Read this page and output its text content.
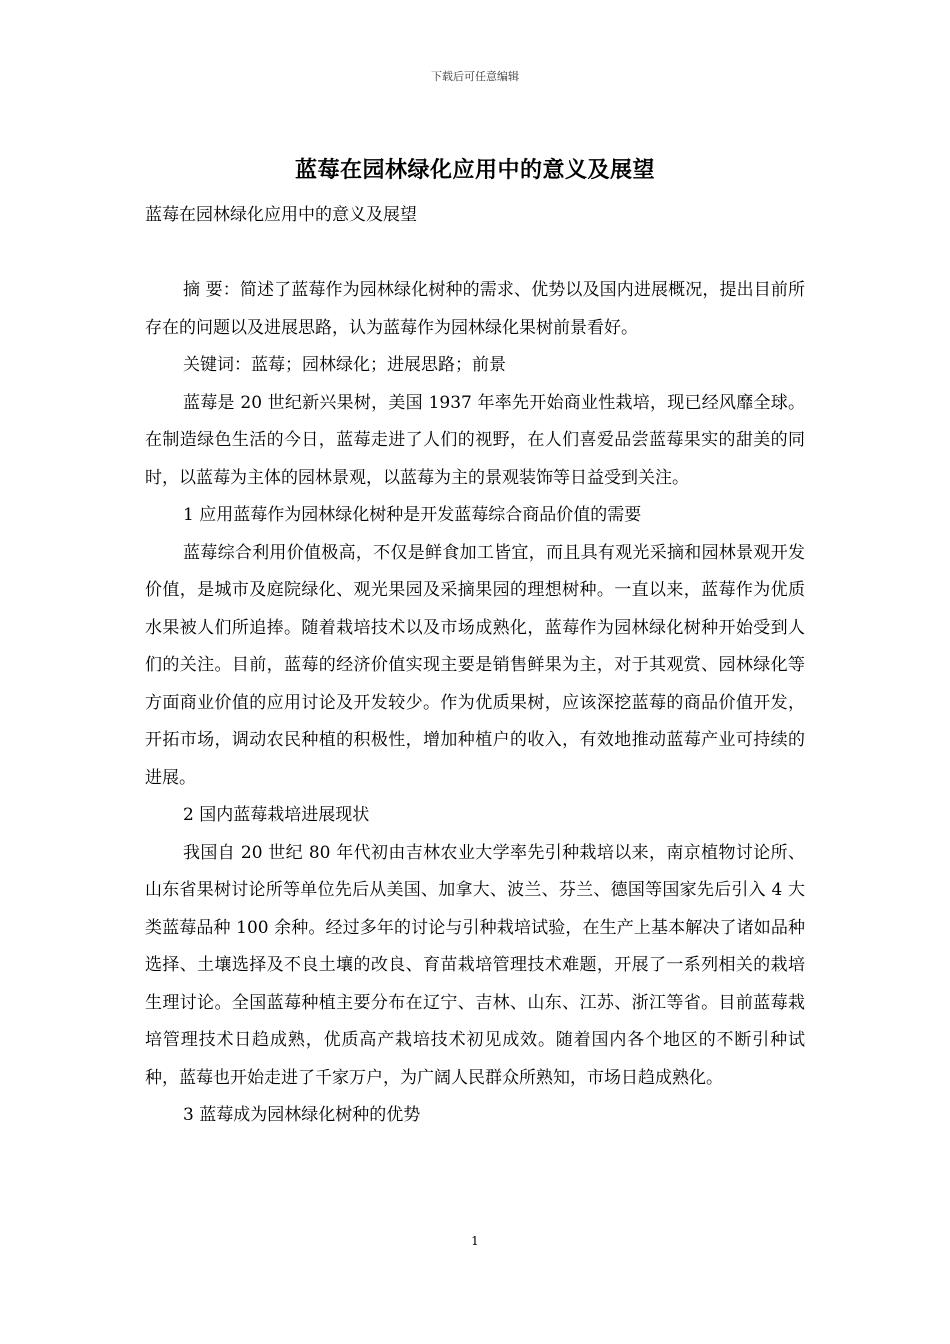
下载后可任意编辑
蓝莓在园林绿化应用中的意义及展望
蓝莓在园林绿化应用中的意义及展望

摘 要：简述了蓝莓作为园林绿化树种的需求、优势以及国内进展概况，提出目前所存在的问题以及进展思路，认为蓝莓作为园林绿化果树前景看好。

关键词：蓝莓；园林绿化；进展思路；前景

蓝莓是 20 世纪新兴果树，美国 1937 年率先开始商业性栽培，现已经风靡全球。在制造绿色生活的今日，蓝莓走进了人们的视野，在人们喜爱品尝蓝莓果实的甜美的同时，以蓝莓为主体的园林景观，以蓝莓为主的景观装饰等日益受到关注。

1 应用蓝莓作为园林绿化树种是开发蓝莓综合商品价值的需要

蓝莓综合利用价值极高，不仅是鲜食加工皆宜，而且具有观光采摘和园林景观开发价值，是城市及庭院绿化、观光果园及采摘果园的理想树种。一直以来，蓝莓作为优质水果被人们所追捧。随着栽培技术以及市场成熟化，蓝莓作为园林绿化树种开始受到人们的关注。目前，蓝莓的经济价值实现主要是销售鲜果为主，对于其观赏、园林绿化等方面商业价值的应用讨论及开发较少。作为优质果树，应该深挖蓝莓的商品价值开发，开拓市场，调动农民种植的积极性，增加种植户的收入，有效地推动蓝莓产业可持续的进展。

2 国内蓝莓栽培进展现状

我国自 20 世纪 80 年代初由吉林农业大学率先引种栽培以来，南京植物讨论所、山东省果树讨论所等单位先后从美国、加拿大、波兰、芬兰、德国等国家先后引入 4 大类蓝莓品种 100 余种。经过多年的讨论与引种栽培试验，在生产上基本解决了诸如品种选择、土壤选择及不良土壤的改良、育苗栽培管理技术难题，开展了一系列相关的栽培生理讨论。全国蓝莓种植主要分布在辽宁、吉林、山东、江苏、浙江等省。目前蓝莓栽培管理技术日趋成熟，优质高产栽培技术初见成效。随着国内各个地区的不断引种试种，蓝莓也开始走进了千家万户，为广阔人民群众所熟知，市场日趋成熟化。

3 蓝莓成为园林绿化树种的优势

1
